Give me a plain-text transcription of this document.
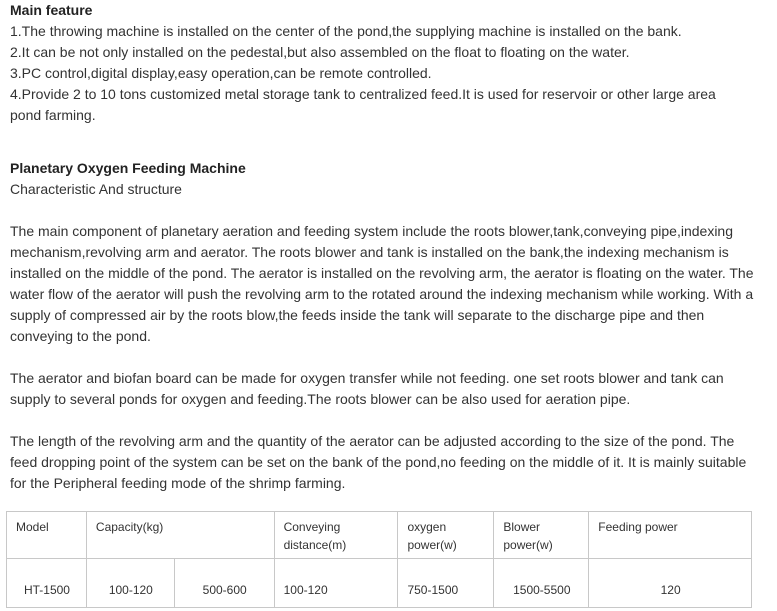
Main feature

1.The throwing machine is installed on the center of the pond,the supplying machine is installed on the bank.

2.It can be not only installed on the pedestal,but also assembled on the float to floating on the water.

3.PC control,digital display,easy operation,can be remote controlled.

4.Provide 2 to 10 tons customized metal storage tank to centralized feed.It is used for reservoir or other large area pond farming.

Planetary Oxygen Feeding Machine

Characteristic And structure

The main component of planetary aeration and feeding system include the roots blower,tank,conveying pipe,indexing mechanism,revolving arm and aerator. The roots blower and tank is installed on the bank,the indexing mechanism is installed on the middle of the pond. The aerator is installed on the revolving arm, the aerator is floating on the water. The water flow of the aerator will push the revolving arm to the rotated around the indexing mechanism while working. With a supply of compressed air by the roots blow,the feeds inside the tank will separate to the discharge pipe and then conveying to the pond.

The aerator and biofan board can be made for oxygen transfer while not feeding. one set roots blower and tank can supply to several ponds for oxygen and feeding.The roots blower can be also used for aeration pipe.

The length of the revolving arm and the quantity of the aerator can be adjusted according to the size of the pond. The feed dropping point of the system can be set on the bank of the pond,no feeding on the middle of it. It is mainly suitable for the Peripheral feeding mode of the shrimp farming.

Model	Capacity(kg)		Conveying distance(m)	oxygen power(w)	Blower power(w)	Feeding power
HT-1500	100-120	500-600	100-120	750-1500	1500-5500	120
